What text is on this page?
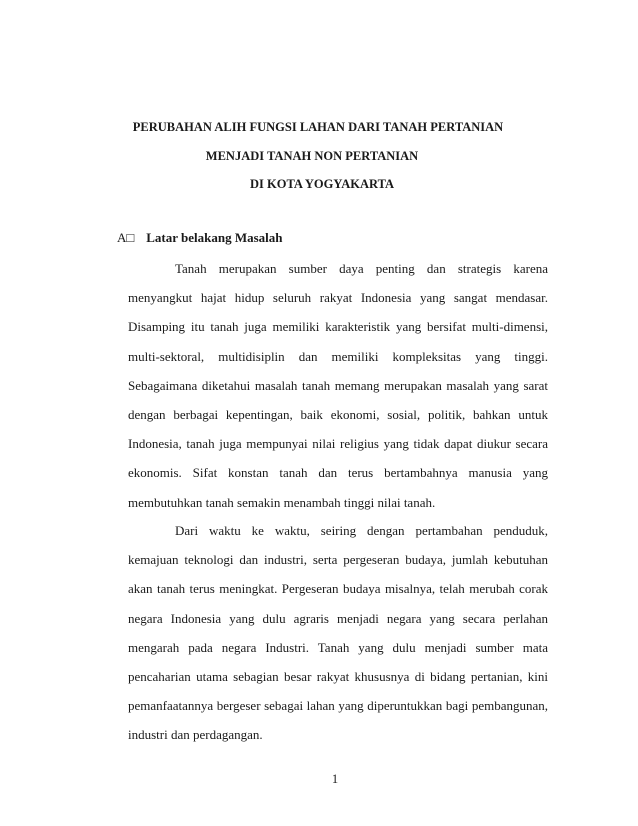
PERUBAHAN ALIH FUNGSI LAHAN DARI TANAH PERTANIAN
MENJADI TANAH NON PERTANIAN
DI KOTA YOGYAKARTA
A□ Latar belakang Masalah

Tanah merupakan sumber daya penting dan strategis karena menyangkut hajat hidup seluruh rakyat Indonesia yang sangat mendasar. Disamping itu tanah juga memiliki karakteristik yang bersifat multi-dimensi, multi-sektoral, multidisiplin dan memiliki kompleksitas yang tinggi. Sebagaimana diketahui masalah tanah memang merupakan masalah yang sarat dengan berbagai kepentingan, baik ekonomi, sosial, politik, bahkan untuk Indonesia, tanah juga mempunyai nilai religius yang tidak dapat diukur secara ekonomis. Sifat konstan tanah dan terus bertambahnya manusia yang membutuhkan tanah semakin menambah tinggi nilai tanah.

Dari waktu ke waktu, seiring dengan pertambahan penduduk, kemajuan teknologi dan industri, serta pergeseran budaya, jumlah kebutuhan akan tanah terus meningkat. Pergeseran budaya misalnya, telah merubah corak negara Indonesia yang dulu agraris menjadi negara yang secara perlahan mengarah pada negara Industri. Tanah yang dulu menjadi sumber mata pencaharian utama sebagian besar rakyat khususnya di bidang pertanian, kini pemanfaatannya bergeser sebagai lahan yang diperuntukkan bagi pembangunan, industri dan perdagangan.

1
